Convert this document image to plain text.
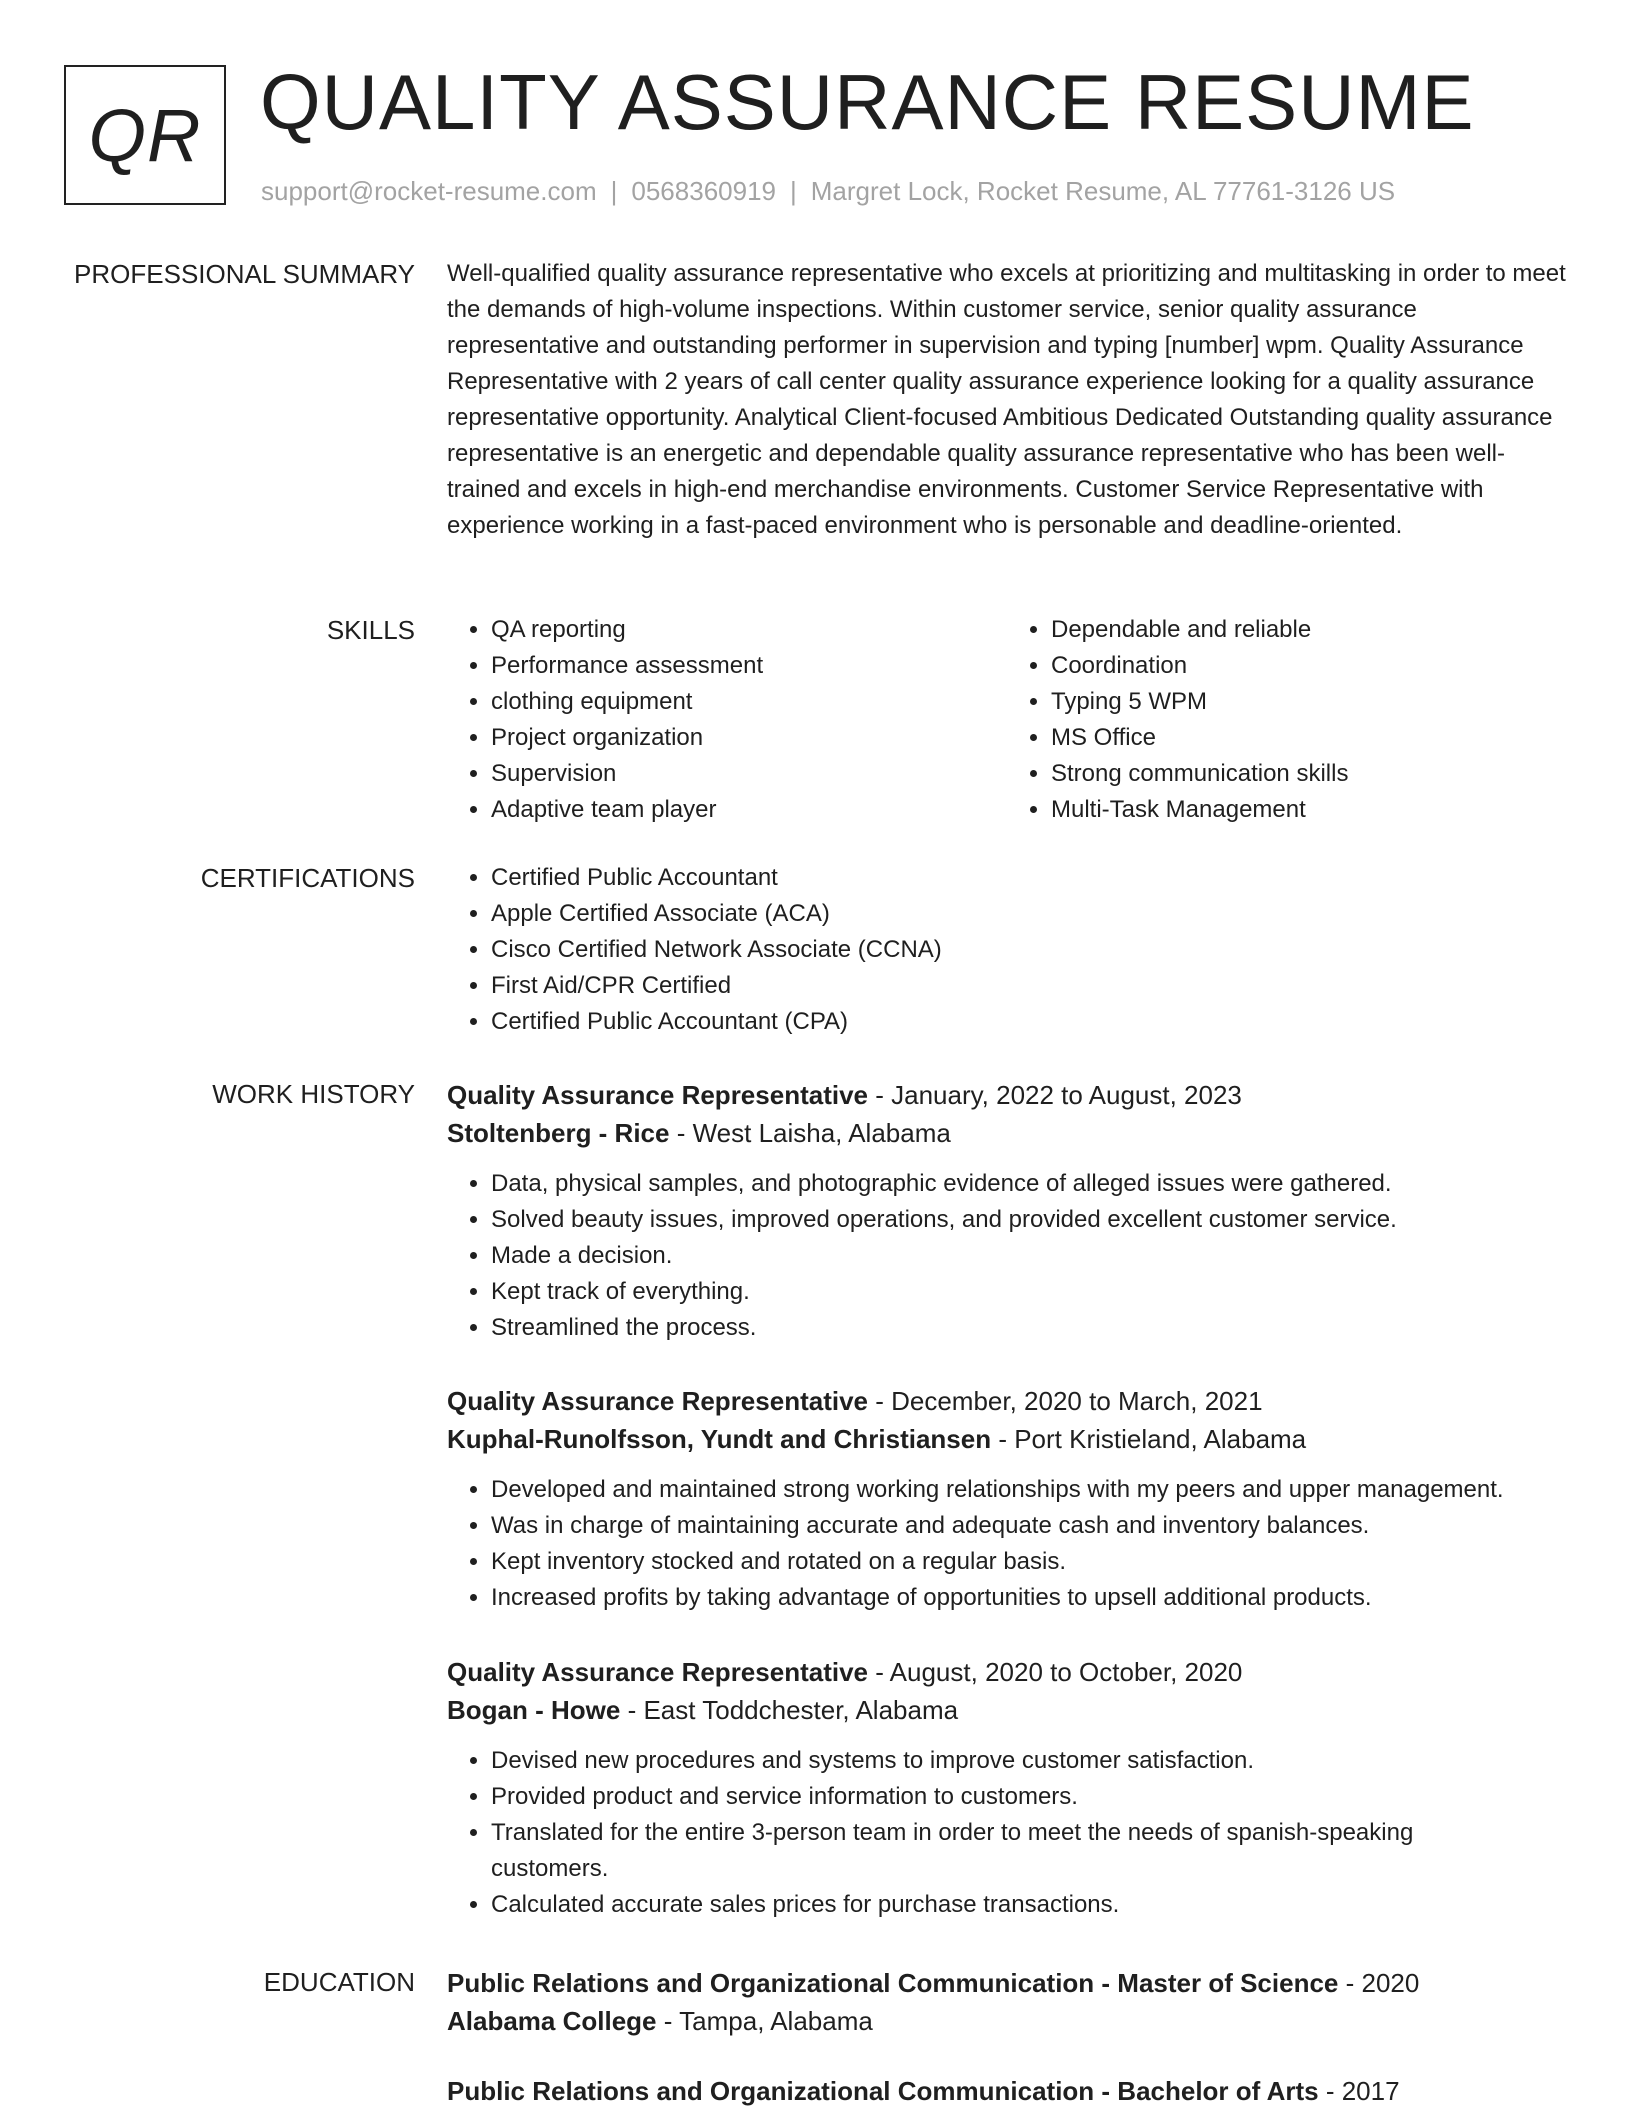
QR QUALITY ASSURANCE RESUME
support@rocket-resume.com | 0568360919 | Margret Lock, Rocket Resume, AL 77761-3126 US
PROFESSIONAL SUMMARY Well-qualified quality assurance representative who excels at prioritizing and multitasking in order to meet the demands of high-volume inspections. Within customer service, senior quality assurance representative and outstanding performer in supervision and typing [number] wpm. Quality Assurance Representative with 2 years of call center quality assurance experience looking for a quality assurance representative opportunity. Analytical Client-focused Ambitious Dedicated Outstanding quality assurance representative is an energetic and dependable quality assurance representative who has been well-trained and excels in high-end merchandise environments. Customer Service Representative with experience working in a fast-paced environment who is personable and deadline-oriented.
SKILLS	• QA reporting
• Performance assessment
• clothing equipment
• Project organization
• Supervision
• Adaptive team player
• Dependable and reliable
• Coordination
• Typing 5 WPM
• MS Office
• Strong communication skills
• Multi-Task Management
CERTIFICATIONS	• Certified Public Accountant
• Apple Certified Associate (ACA)
• Cisco Certified Network Associate (CCNA)
• First Aid/CPR Certified
• Certified Public Accountant (CPA)
WORK HISTORY Quality Assurance Representative - January, 2022 to August, 2023
Stoltenberg - Rice - West Laisha, Alabama
• Data, physical samples, and photographic evidence of alleged issues were gathered.
• Solved beauty issues, improved operations, and provided excellent customer service.
• Made a decision.
• Kept track of everything.
• Streamlined the process.
Quality Assurance Representative - December, 2020 to March, 2021
Kuphal-Runolfsson, Yundt and Christiansen - Port Kristieland, Alabama
• Developed and maintained strong working relationships with my peers and upper management.
• Was in charge of maintaining accurate and adequate cash and inventory balances.
• Kept inventory stocked and rotated on a regular basis.
• Increased profits by taking advantage of opportunities to upsell additional products.
Quality Assurance Representative - August, 2020 to October, 2020
Bogan - Howe - East Toddchester, Alabama
• Devised new procedures and systems to improve customer satisfaction.
• Provided product and service information to customers.
• Translated for the entire 3-person team in order to meet the needs of spanish-speaking customers.
• Calculated accurate sales prices for purchase transactions.
EDUCATION Public Relations and Organizational Communication - Master of Science - 2020
Alabama College - Tampa, Alabama
Public Relations and Organizational Communication - Bachelor of Arts - 2017
